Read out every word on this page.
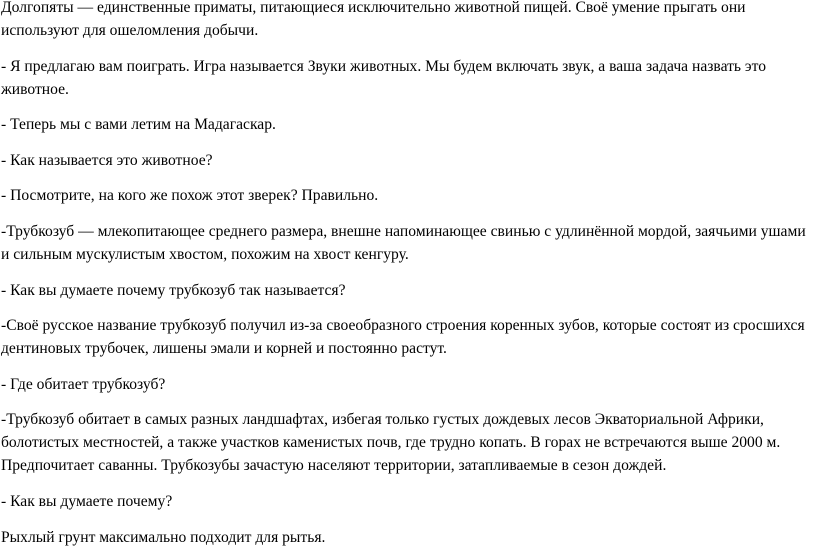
Долгопяты — единственные приматы, питающиеся исключительно животной пищей. Своё умение прыгать они используют для ошеломления добычи.

- Я предлагаю вам поиграть. Игра называется Звуки животных. Мы будем включать звук, а ваша задача назвать это животное.

- Теперь мы с вами летим на Мадагаскар.

- Как называется это животное?

- Посмотрите, на кого же похож этот зверек? Правильно.

-Трубкозуб — млекопитающее среднего размера, внешне напоминающее свинью с удлинённой мордой, заячьими ушами и сильным мускулистым хвостом, похожим на хвост кенгуру.

- Как вы думаете почему трубкозуб так называется?

-Своё русское название трубкозуб получил из-за своеобразного строения коренных зубов, которые состоят из сросшихся дентиновых трубочек, лишены эмали и корней и постоянно растут.

- Где обитает трубкозуб?

-Трубкозуб обитает в самых разных ландшафтах, избегая только густых дождевых лесов Экваториальной Африки, болотистых местностей, а также участков каменистых почв, где трудно копать. В горах не встречаются выше 2000 м. Предпочитает саванны. Трубкозубы зачастую населяют территории, затапливаемые в сезон дождей.

- Как вы думаете почему?

Рыхлый грунт максимально подходит для рытья.
